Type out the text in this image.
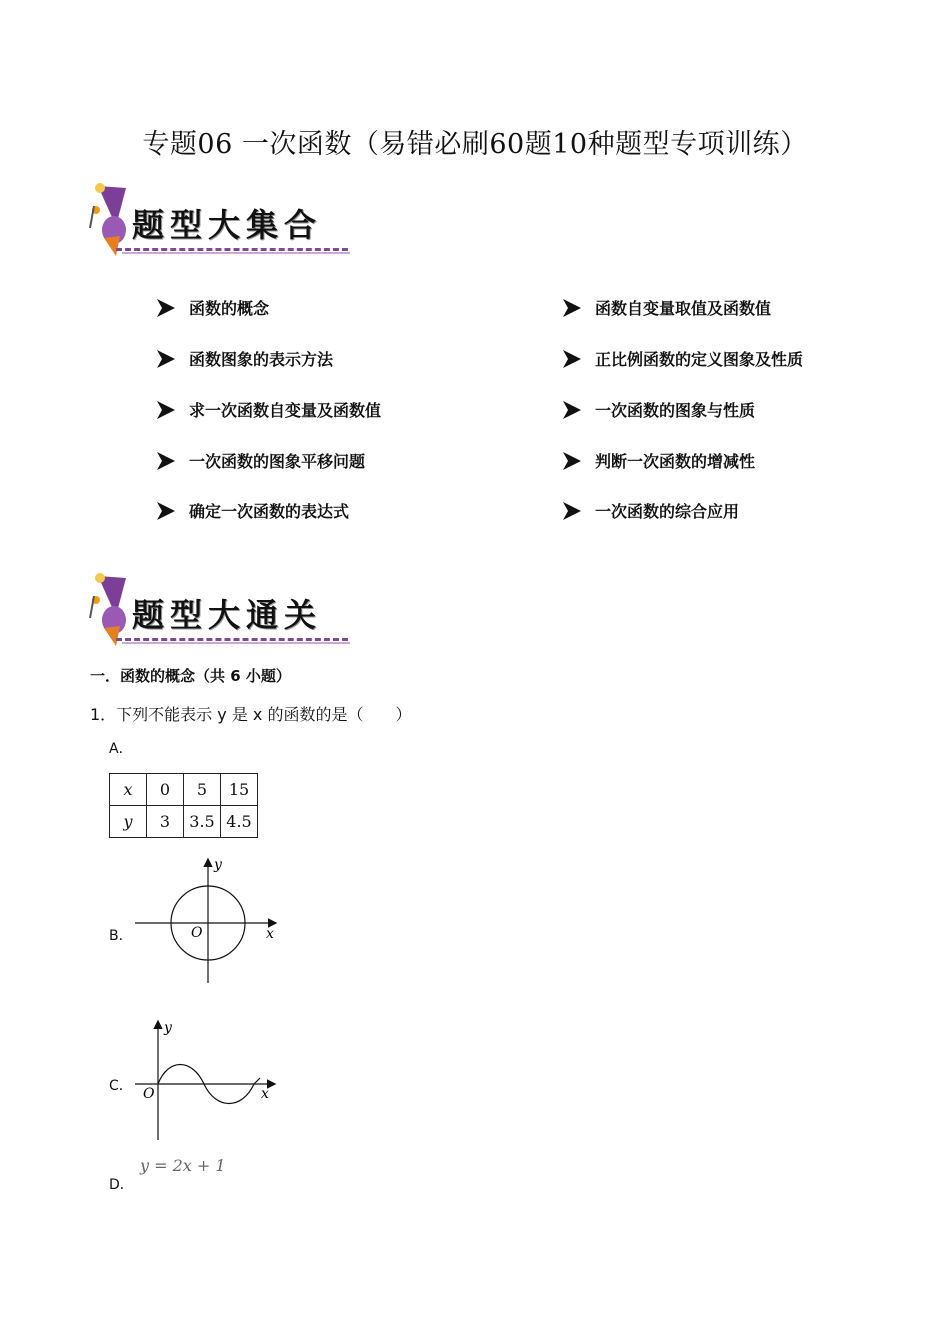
专题06 一次函数（易错必刷60题10种题型专项训练）
题型大集合
函数的概念
函数图象的表示方法
求一次函数自变量及函数值
一次函数的图象平移问题
确定一次函数的表达式
函数自变量取值及函数值
正比例函数的定义图象及性质
一次函数的图象与性质
判断一次函数的增减性
一次函数的综合应用
题型大通关
一．函数的概念（共 6 小题）
1．下列不能表示 y 是 x 的函数的是（　　）
A．
x	0	5	15
y	3	3.5	4.5
B．
y
x
O
C．
y
x
O
y = 2x + 1
D．
